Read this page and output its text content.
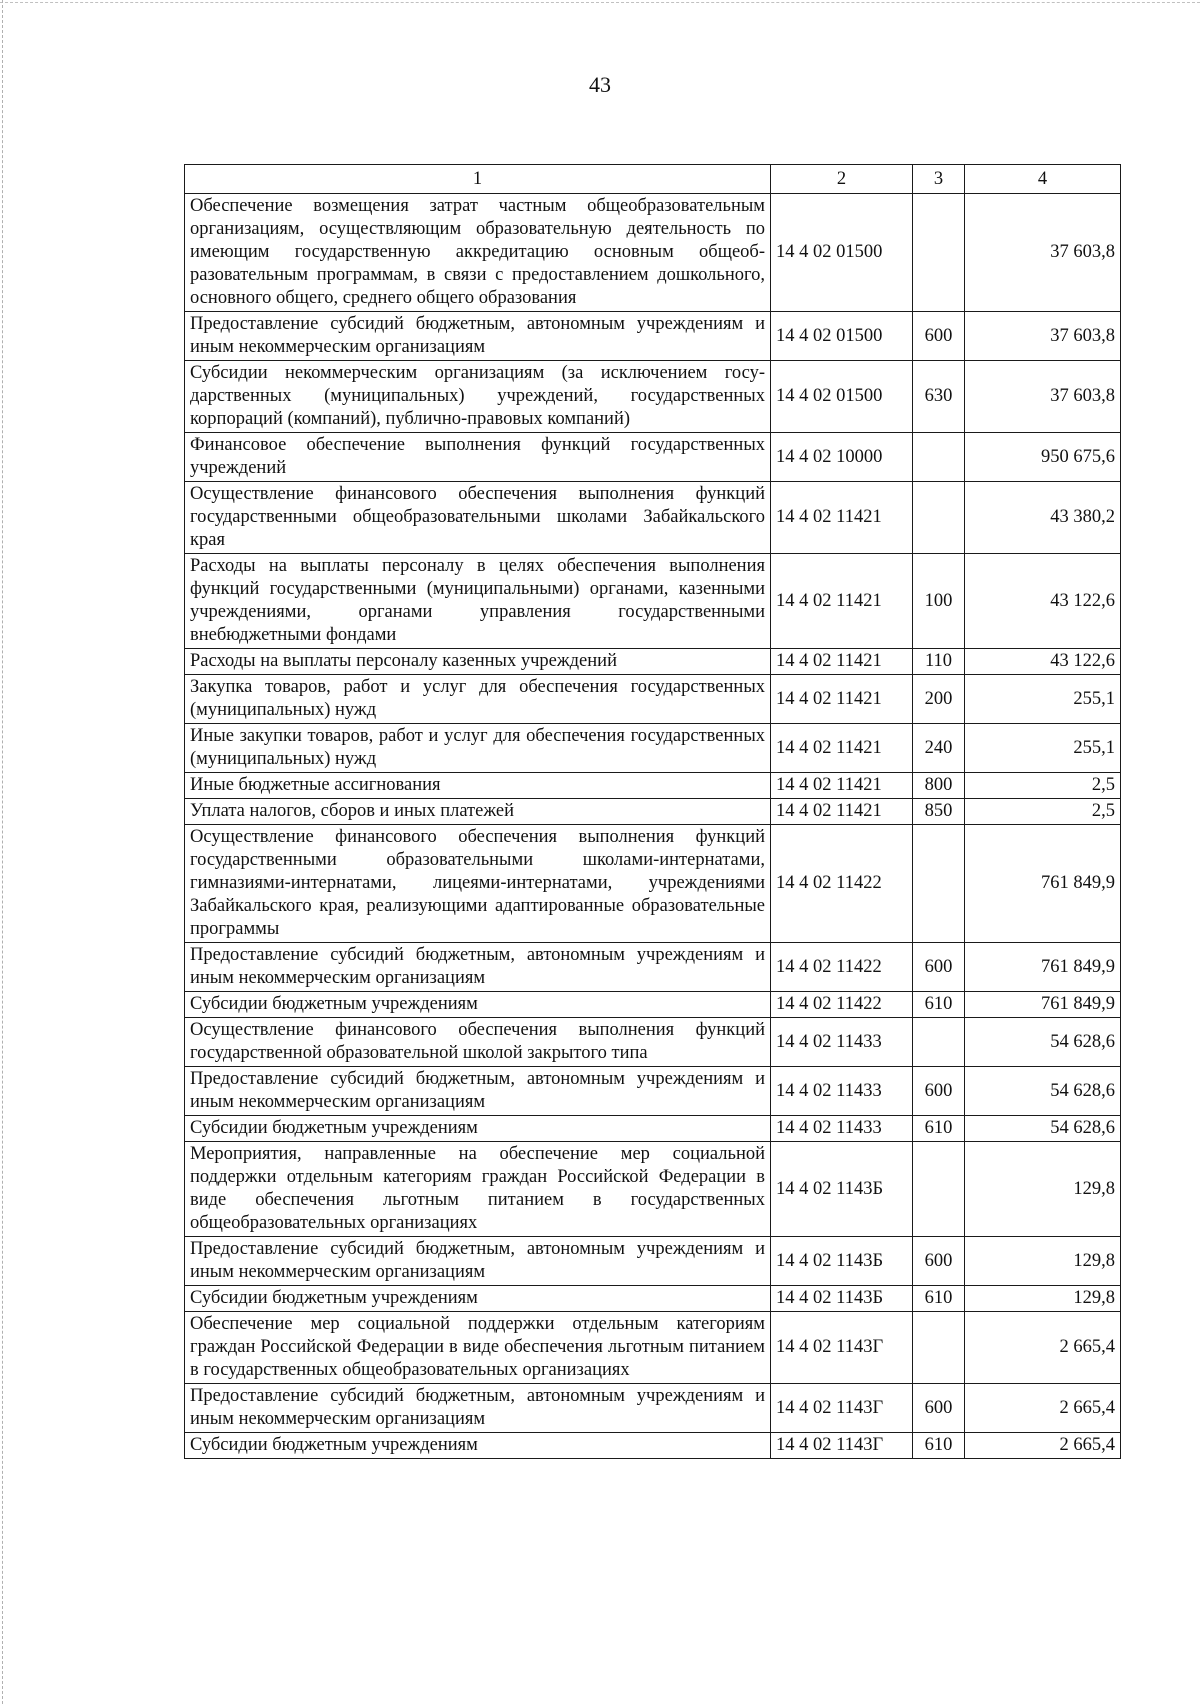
43
1	2	3	4
Обеспечение возмещения затрат частным общеобразовательным организациям, осуществляющим образовательную деятельность по имеющим государственную аккредитацию основным общеобразовательным программам, в связи с предоставлением дошкольного, основного общего, среднего общего образования	14 4 02 01500		37 603,8
Предоставление субсидий бюджетным, автономным учреждениям и иным некоммерческим организациям	14 4 02 01500	600	37 603,8
Субсидии некоммерческим организациям (за исключением государственных (муниципальных) учреждений, государственных корпораций (компаний), публично-правовых компаний)	14 4 02 01500	630	37 603,8
Финансовое обеспечение выполнения функций государственных учреждений	14 4 02 10000		950 675,6
Осуществление финансового обеспечения выполнения функций государственными общеобразовательными школами Забайкальского края	14 4 02 11421		43 380,2
Расходы на выплаты персоналу в целях обеспечения выполнения функций государственными (муниципальными) органами, казенными учреждениями, органами управления государственными внебюджетными фондами	14 4 02 11421	100	43 122,6
Расходы на выплаты персоналу казенных учреждений	14 4 02 11421	110	43 122,6
Закупка товаров, работ и услуг для обеспечения государственных (муниципальных) нужд	14 4 02 11421	200	255,1
Иные закупки товаров, работ и услуг для обеспечения государственных (муниципальных) нужд	14 4 02 11421	240	255,1
Иные бюджетные ассигнования	14 4 02 11421	800	2,5
Уплата налогов, сборов и иных платежей	14 4 02 11421	850	2,5
Осуществление финансового обеспечения выполнения функций государственными образовательными школами-интернатами, гимназиями-интернатами, лицеями-интернатами, учреждениями Забайкальского края, реализующими адаптированные образовательные программы	14 4 02 11422		761 849,9
Предоставление субсидий бюджетным, автономным учреждениям и иным некоммерческим организациям	14 4 02 11422	600	761 849,9
Субсидии бюджетным учреждениям	14 4 02 11422	610	761 849,9
Осуществление финансового обеспечения выполнения функций государственной образовательной школой закрытого типа	14 4 02 11433		54 628,6
Предоставление субсидий бюджетным, автономным учреждениям и иным некоммерческим организациям	14 4 02 11433	600	54 628,6
Субсидии бюджетным учреждениям	14 4 02 11433	610	54 628,6
Мероприятия, направленные на обеспечение мер социальной поддержки отдельным категориям граждан Российской Федерации в виде обеспечения льготным питанием в государственных общеобразовательных организациях	14 4 02 1143Б		129,8
Предоставление субсидий бюджетным, автономным учреждениям и иным некоммерческим организациям	14 4 02 1143Б	600	129,8
Субсидии бюджетным учреждениям	14 4 02 1143Б	610	129,8
Обеспечение мер социальной поддержки отдельным категориям граждан Российской Федерации в виде обеспечения льготным питанием в государственных общеобразовательных организациях	14 4 02 1143Г		2 665,4
Предоставление субсидий бюджетным, автономным учреждениям и иным некоммерческим организациям	14 4 02 1143Г	600	2 665,4
Субсидии бюджетным учреждениям	14 4 02 1143Г	610	2 665,4
